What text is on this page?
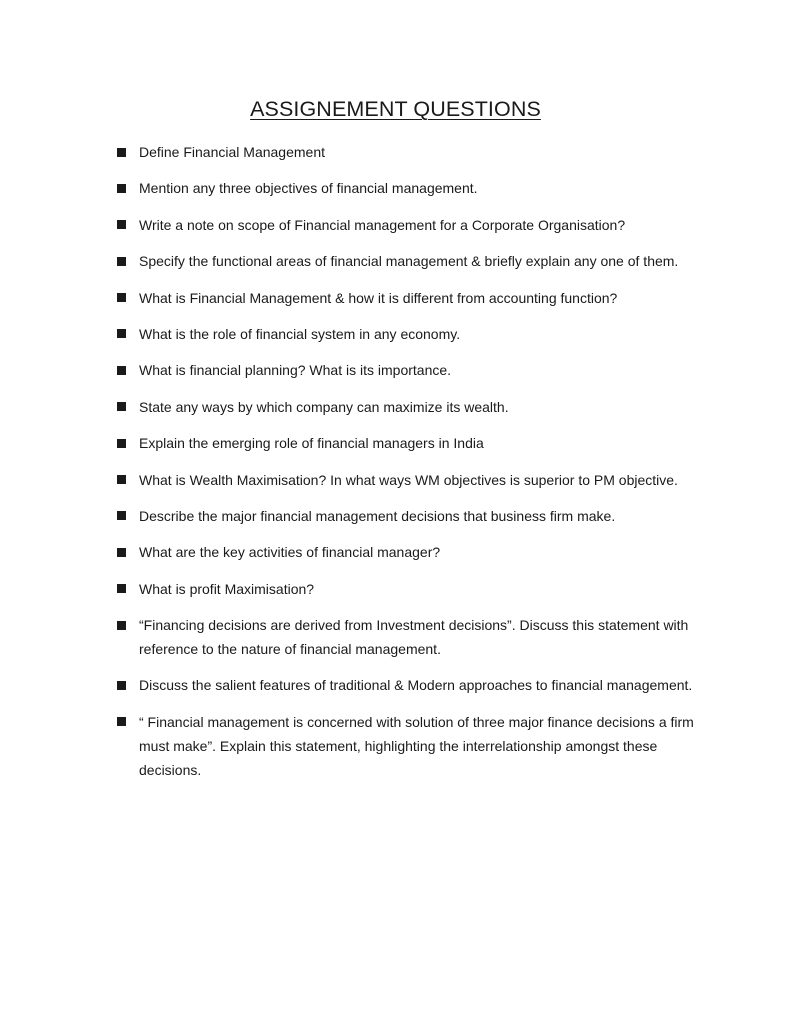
ASSIGNEMENT QUESTIONS
Define Financial Management
Mention any three objectives of financial management.
Write a note on scope of Financial management for a Corporate Organisation?
Specify the functional areas of financial management & briefly explain any one of them.
What is Financial Management & how it is different from accounting function?
What is the role of financial system in any economy.
What is financial planning? What is its importance.
State any ways by which company can maximize its wealth.
Explain the emerging role of financial managers in India
What is Wealth Maximisation? In what ways WM objectives is superior to PM objective.
Describe the major financial management decisions that business firm make.
What are the key activities of financial manager?
What is profit Maximisation?
“Financing decisions are derived from Investment decisions”. Discuss this statement with reference to the nature of financial management.
Discuss the salient features of traditional & Modern approaches to financial management.
“ Financial management is concerned with solution of three major finance decisions a firm must make”. Explain this statement, highlighting the interrelationship amongst these decisions.
